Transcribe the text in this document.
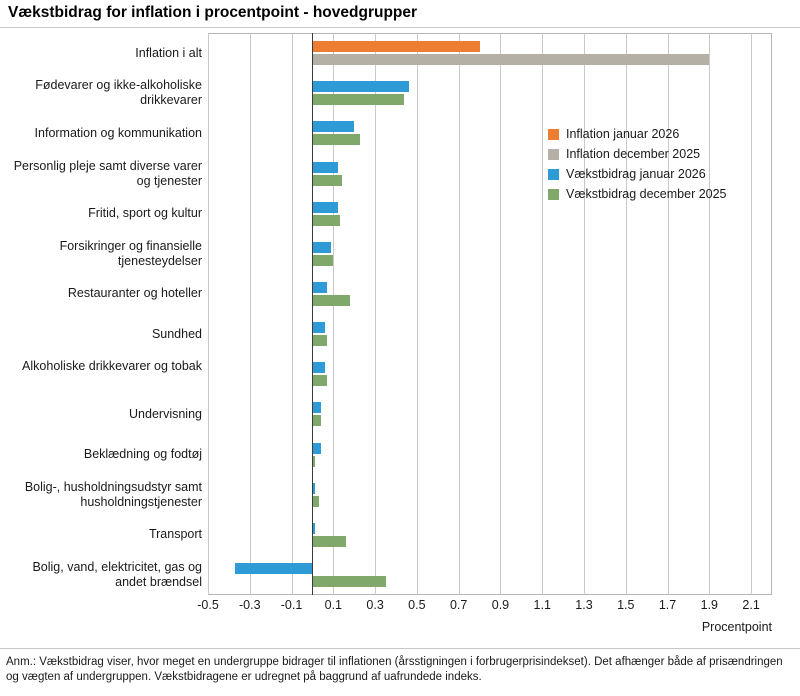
Vækstbidrag for inflation i procentpoint - hovedgrupper
Inflation i alt
Fødevarer og ikke-alkoholiske drikkevarer
Information og kommunikation
Personlig pleje samt diverse varer og tjenester
Fritid, sport og kultur
Forsikringer og finansielle tjenesteydelser
Restauranter og hoteller
Sundhed
Alkoholiske drikkevarer og tobak
Undervisning
Beklædning og fodtøj
Bolig-, husholdningsudstyr samt husholdningstjenester
Transport
Bolig, vand, elektricitet, gas og andet brændsel
-0.5 -0.3 -0.1 0.1 0.3 0.5 0.7 0.9 1.1 1.3 1.5 1.7 1.9 2.1
Procentpoint
Inflation januar 2026
Inflation december 2025
Vækstbidrag januar 2026
Vækstbidrag december 2025
Anm.: Vækstbidrag viser, hvor meget en undergruppe bidrager til inflationen (årsstigningen i forbrugerprisindekset). Det afhænger både af prisændringen og vægten af undergruppen. Vækstbidragene er udregnet på baggrund af uafrundede indeks.
